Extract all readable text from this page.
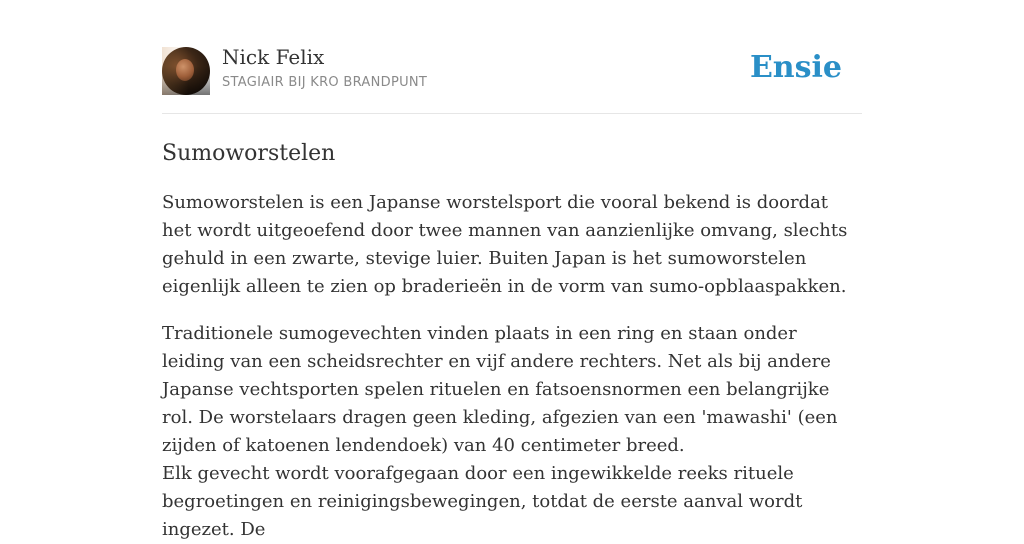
Nick Felix
STAGIAIR BIJ KRO BRANDPUNT	Ensie
Sumoworstelen

Sumoworstelen is een Japanse worstelsport die vooral bekend is doordat het wordt uitgeoefend door twee mannen van aanzienlijke omvang, slechts gehuld in een zwarte, stevige luier. Buiten Japan is het sumoworstelen eigenlijk alleen te zien op braderieën in de vorm van sumo-opblaaspakken.

Traditionele sumogevechten vinden plaats in een ring en staan onder leiding van een scheidsrechter en vijf andere rechters. Net als bij andere Japanse vechtsporten spelen rituelen en fatsoensnormen een belangrijke rol. De worstelaars dragen geen kleding, afgezien van een 'mawashi' (een zijden of katoenen lendendoek) van 40 centimeter breed.
Elk gevecht wordt voorafgegaan door een ingewikkelde reeks rituele begroetingen en reinigingsbewegingen, totdat de eerste aanval wordt ingezet. De
